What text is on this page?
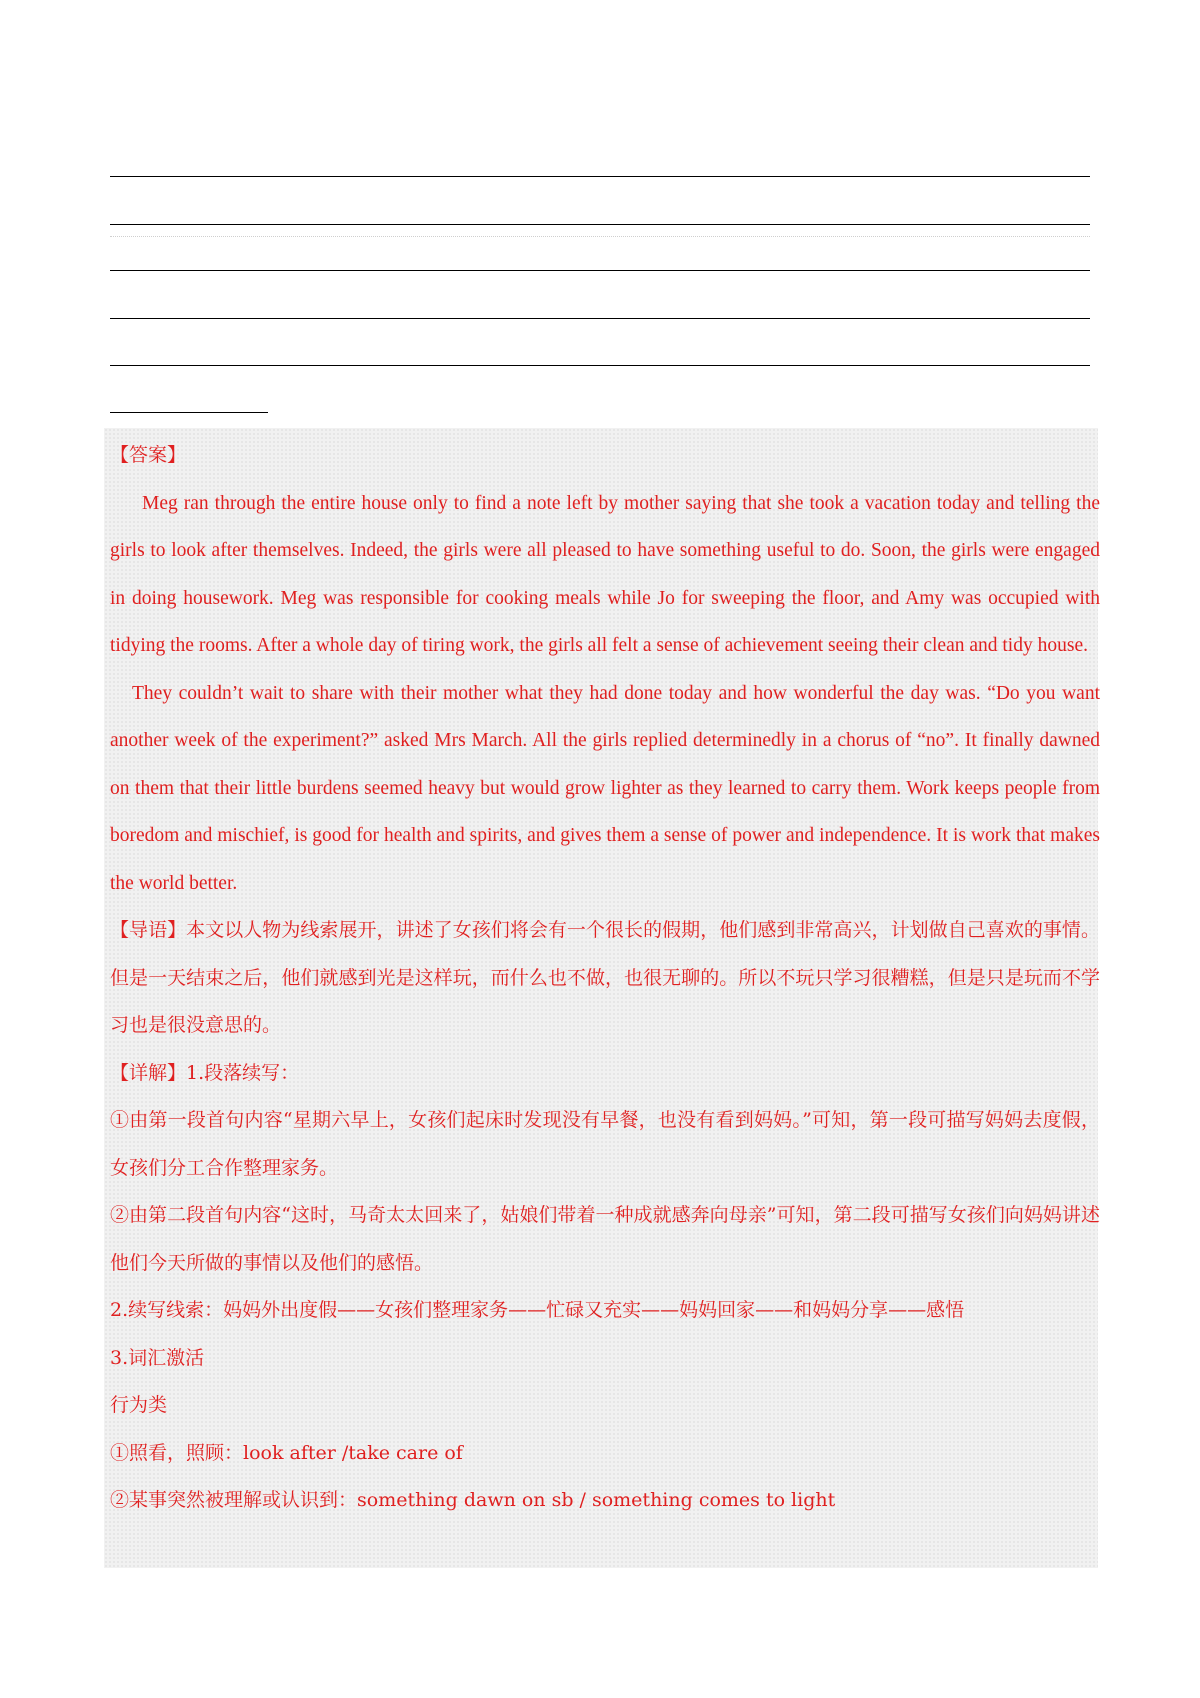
【答案】

Meg ran through the entire house only to find a note left by mother saying that she took a vacation today and telling the girls to look after themselves. Indeed, the girls were all pleased to have something useful to do. Soon, the girls were engaged in doing housework. Meg was responsible for cooking meals while Jo for sweeping the floor, and Amy was occupied with tidying the rooms. After a whole day of tiring work, the girls all felt a sense of achievement seeing their clean and tidy house.

They couldn’t wait to share with their mother what they had done today and how wonderful the day was. “Do you want another week of the experiment?” asked Mrs March. All the girls replied determinedly in a chorus of “no”. It finally dawned on them that their little burdens seemed heavy but would grow lighter as they learned to carry them. Work keeps people from boredom and mischief, is good for health and spirits, and gives them a sense of power and independence. It is work that makes the world better.

【导语】本文以人物为线索展开，讲述了女孩们将会有一个很长的假期，他们感到非常高兴，计划做自己喜欢的事情。但是一天结束之后，他们就感到光是这样玩，而什么也不做，也很无聊的。所以不玩只学习很糟糕，但是只是玩而不学习也是很没意思的。

【详解】1.段落续写：

①由第一段首句内容“星期六早上，女孩们起床时发现没有早餐，也没有看到妈妈。”可知，第一段可描写妈妈去度假，女孩们分工合作整理家务。

②由第二段首句内容“这时，马奇太太回来了，姑娘们带着一种成就感奔向母亲”可知，第二段可描写女孩们向妈妈讲述他们今天所做的事情以及他们的感悟。

2.续写线索：妈妈外出度假——女孩们整理家务——忙碌又充实——妈妈回家——和妈妈分享——感悟

3.词汇激活

行为类

①照看，照顾：look after /take care of

②某事突然被理解或认识到：something dawn on sb / something comes to light
